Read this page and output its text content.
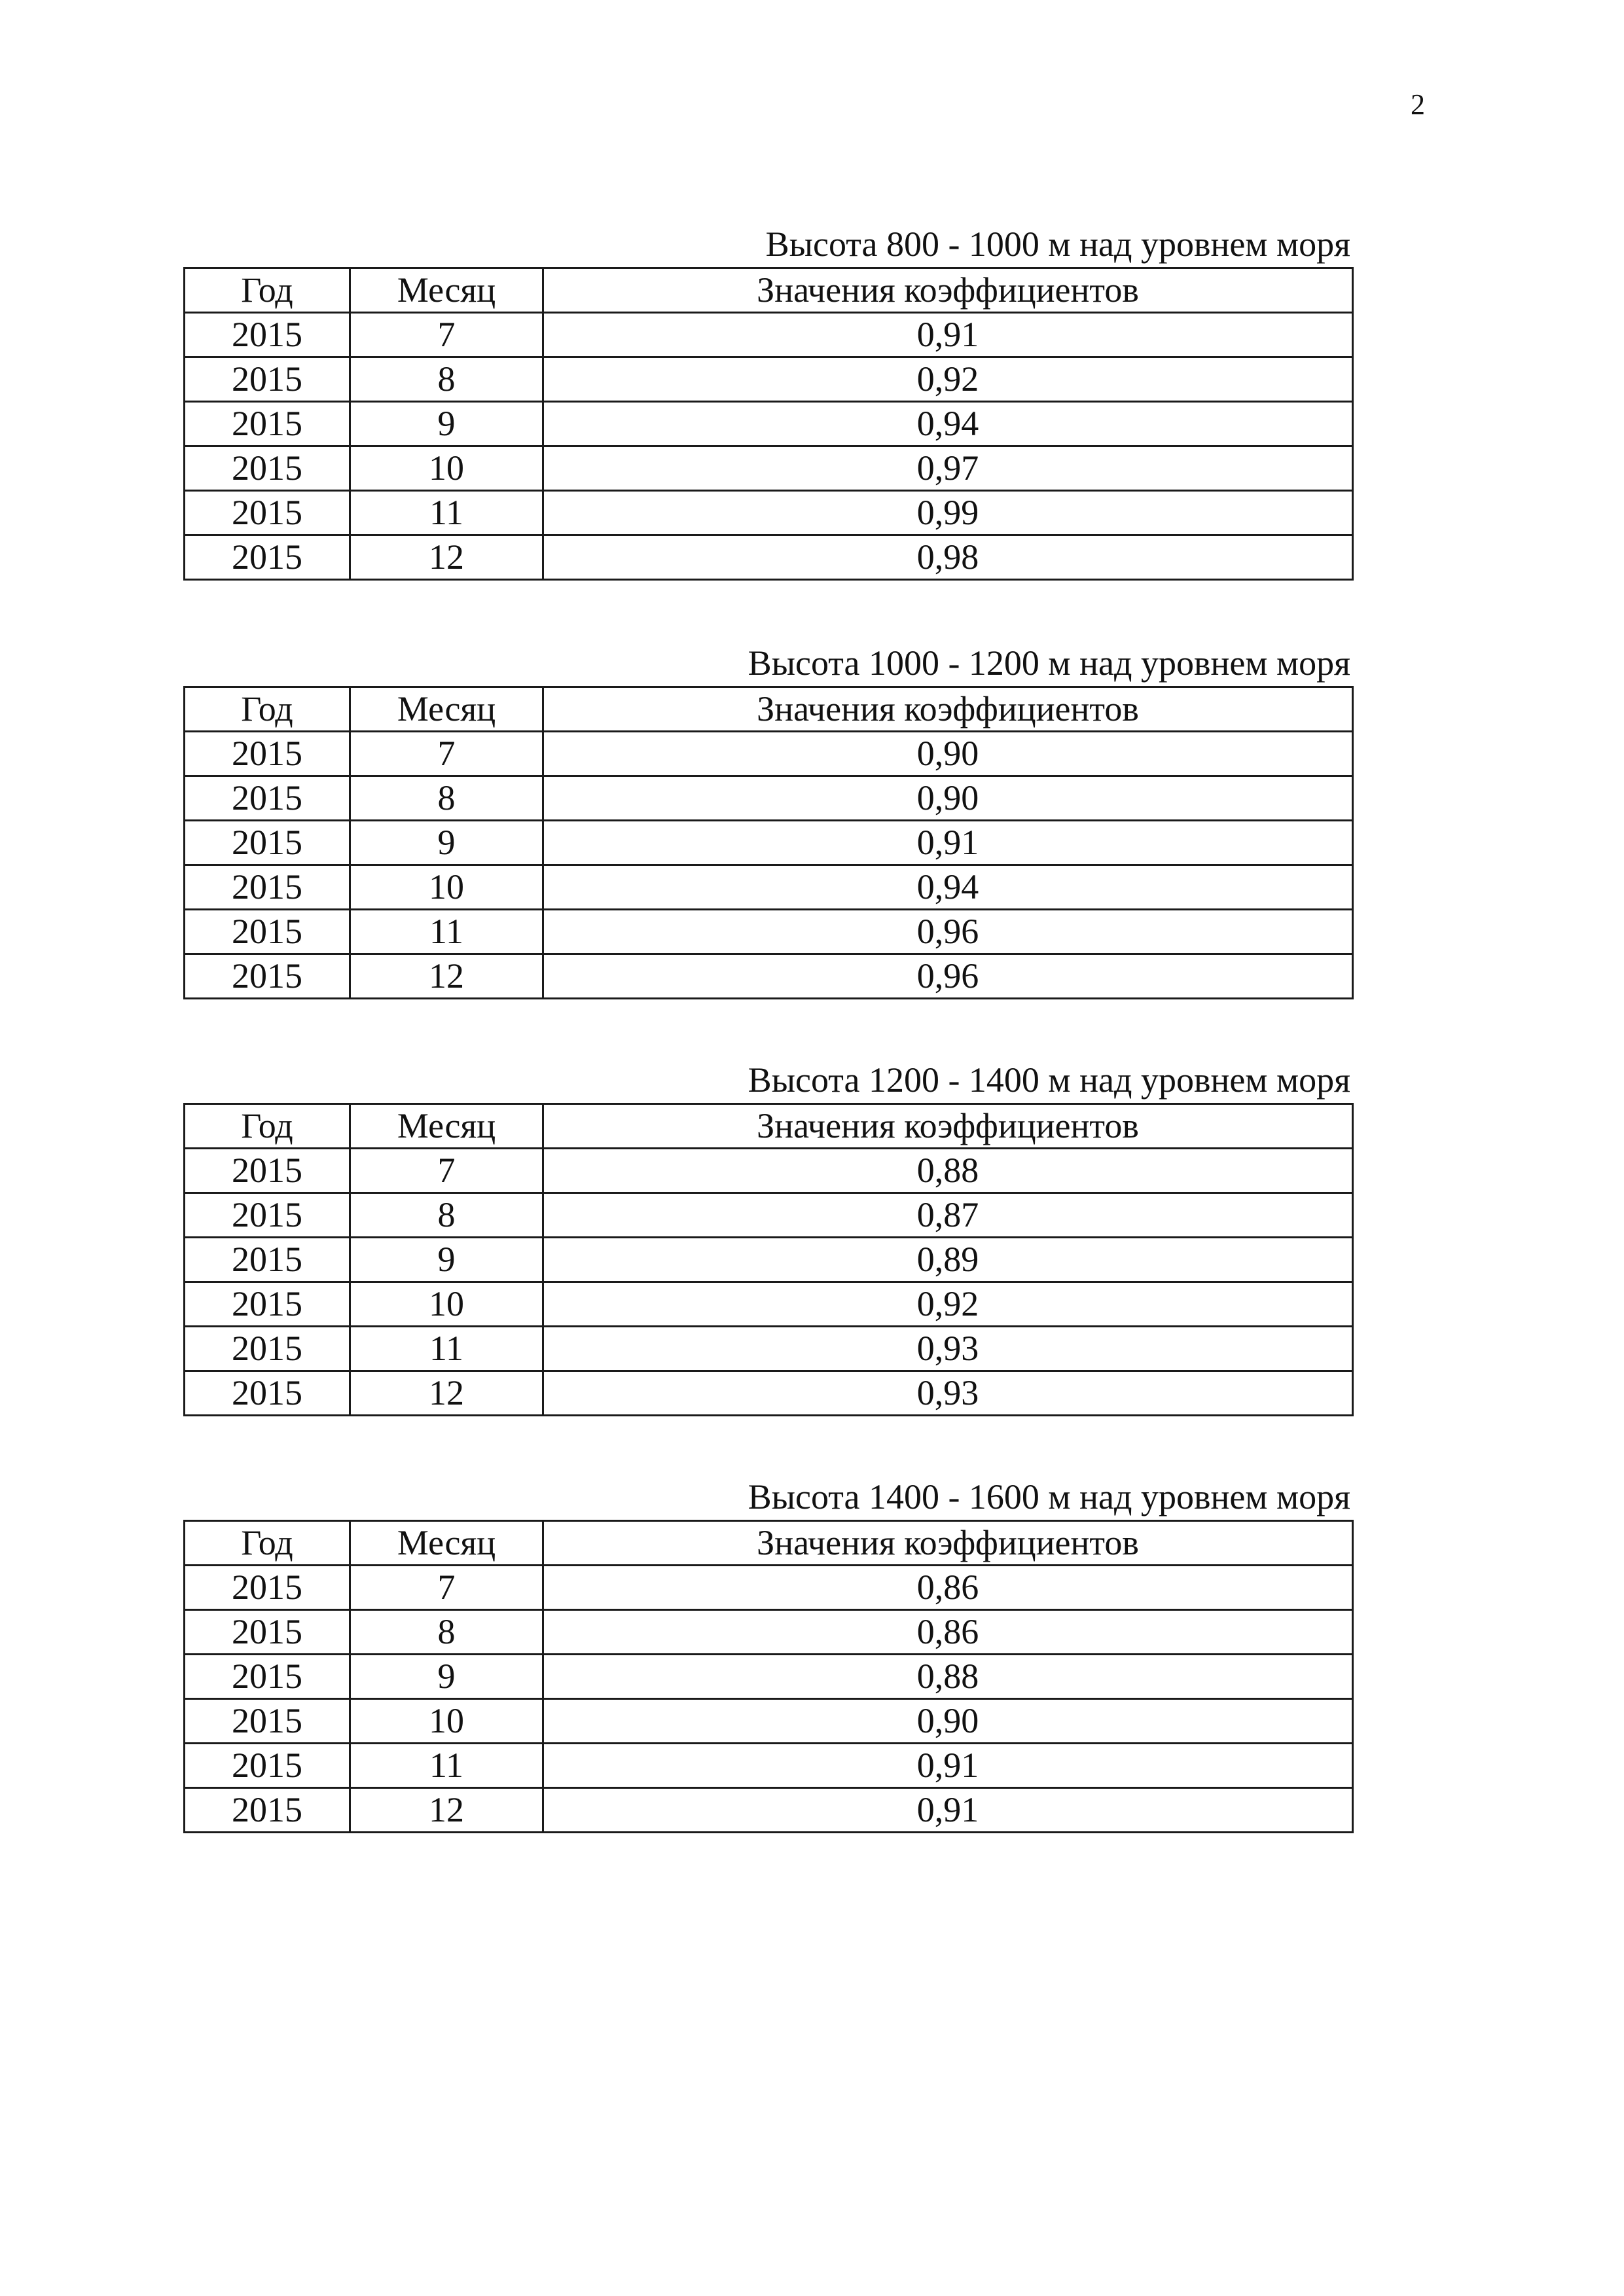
2
Высота 800 - 1000 м над уровнем моря
Год	Месяц	Значения коэффициентов
2015	7	0,91
2015	8	0,92
2015	9	0,94
2015	10	0,97
2015	11	0,99
2015	12	0,98
Высота 1000 - 1200 м над уровнем моря
Год	Месяц	Значения коэффициентов
2015	7	0,90
2015	8	0,90
2015	9	0,91
2015	10	0,94
2015	11	0,96
2015	12	0,96
Высота 1200 - 1400 м над уровнем моря
Год	Месяц	Значения коэффициентов
2015	7	0,88
2015	8	0,87
2015	9	0,89
2015	10	0,92
2015	11	0,93
2015	12	0,93
Высота 1400 - 1600 м над уровнем моря
Год	Месяц	Значения коэффициентов
2015	7	0,86
2015	8	0,86
2015	9	0,88
2015	10	0,90
2015	11	0,91
2015	12	0,91
